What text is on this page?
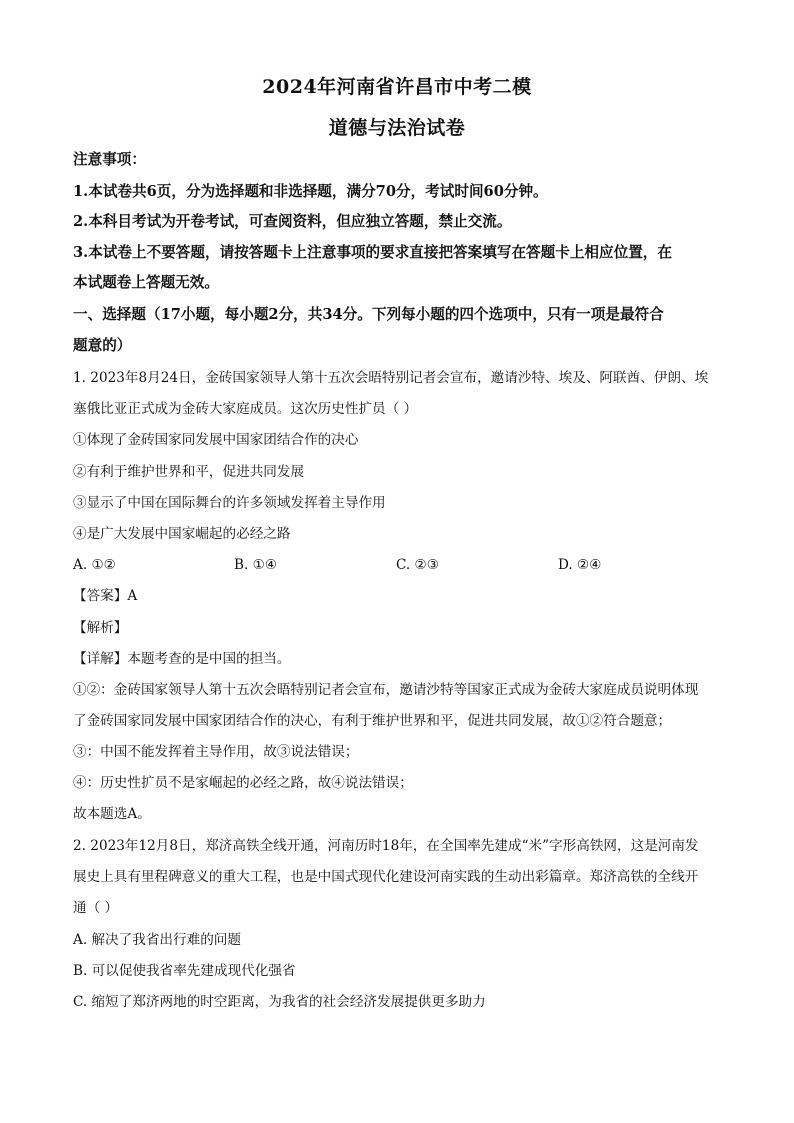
2024年河南省许昌市中考二模
道德与法治试卷
注意事项：
1.本试卷共6页，分为选择题和非选择题，满分70分，考试时间60分钟。
2.本科目考试为开卷考试，可查阅资料，但应独立答题，禁止交流。
3.本试卷上不要答题，请按答题卡上注意事项的要求直接把答案填写在答题卡上相应位置，在
本试题卷上答题无效。
一、选择题（17小题，每小题2分，共34分。下列每小题的四个选项中，只有一项是最符合
题意的）
1. 2023年8月24日，金砖国家领导人第十五次会晤特别记者会宣布，邀请沙特、埃及、阿联酋、伊朗、埃
塞俄比亚正式成为金砖大家庭成员。这次历史性扩员（ ）
①体现了金砖国家同发展中国家团结合作的决心
②有利于维护世界和平，促进共同发展
③显示了中国在国际舞台的许多领域发挥着主导作用
④是广大发展中国家崛起的必经之路
A. ①②	B. ①④	C. ②③	D. ②④
【答案】A
【解析】
【详解】本题考查的是中国的担当。
①②：金砖国家领导人第十五次会晤特别记者会宣布，邀请沙特等国家正式成为金砖大家庭成员说明体现
了金砖国家同发展中国家团结合作的决心，有利于维护世界和平，促进共同发展，故①②符合题意；
③：中国不能发挥着主导作用，故③说法错误；
④：历史性扩员不是家崛起的必经之路，故④说法错误；
故本题选A。
2. 2023年12月8日，郑济高铁全线开通，河南历时18年，在全国率先建成“米”字形高铁网，这是河南发
展史上具有里程碑意义的重大工程，也是中国式现代化建设河南实践的生动出彩篇章。郑济高铁的全线开
通（ ）
A. 解决了我省出行难的问题
B. 可以促使我省率先建成现代化强省
C. 缩短了郑济两地的时空距离，为我省的社会经济发展提供更多助力
